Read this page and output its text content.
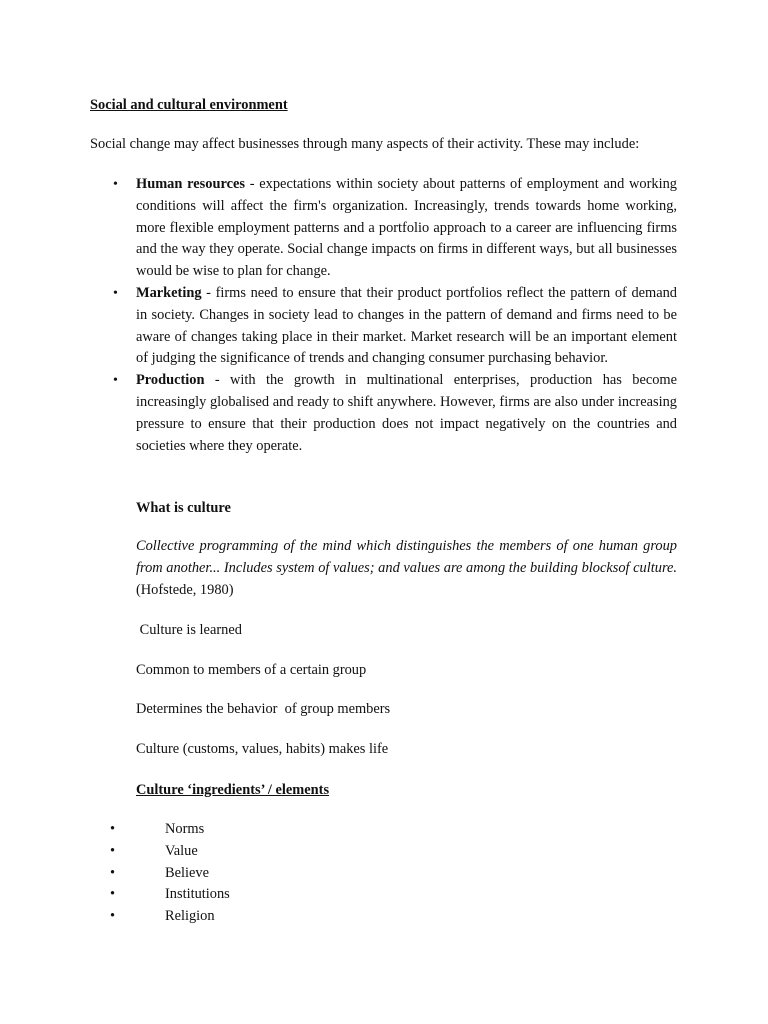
Social and cultural environment
Social change may affect businesses through many aspects of their activity. These may include:
• Human resources - expectations within society about patterns of employment and working conditions will affect the firm's organization. Increasingly, trends towards home working, more flexible employment patterns and a portfolio approach to a career are influencing firms and the way they operate. Social change impacts on firms in different ways, but all businesses would be wise to plan for change.
• Marketing - firms need to ensure that their product portfolios reflect the pattern of demand in society. Changes in society lead to changes in the pattern of demand and firms need to be aware of changes taking place in their market. Market research will be an important element of judging the significance of trends and changing consumer purchasing behavior.
• Production - with the growth in multinational enterprises, production has become increasingly globalised and ready to shift anywhere. However, firms are also under increasing pressure to ensure that their production does not impact negatively on the countries and societies where they operate.
What is culture
Collective programming of the mind which distinguishes the members of one human group from another... Includes system of values; and values are among the building blocksof culture. (Hofstede, 1980)
Culture is learned
Common to members of a certain group
Determines the behavior  of group members
Culture (customs, values, habits) makes life
Culture ‘ingredients’ / elements
•	Norms
•	Value
•	Believe
•	Institutions
•	Religion
